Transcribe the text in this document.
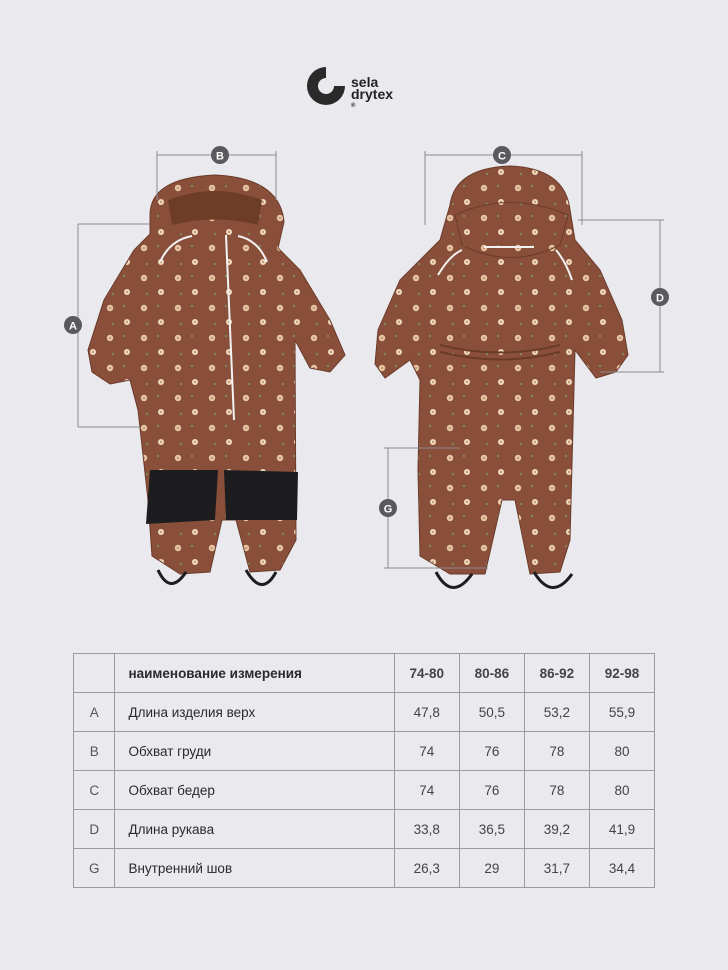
sela
drytex
®
B
A
C
D
G
	наименование измерения	74-80	80-86	86-92	92-98
A	Длина изделия верх	47,8	50,5	53,2	55,9
B	Обхват груди	74	76	78	80
C	Обхват бедер	74	76	78	80
D	Длина рукава	33,8	36,5	39,2	41,9
G	Внутренний шов	26,3	29	31,7	34,4
